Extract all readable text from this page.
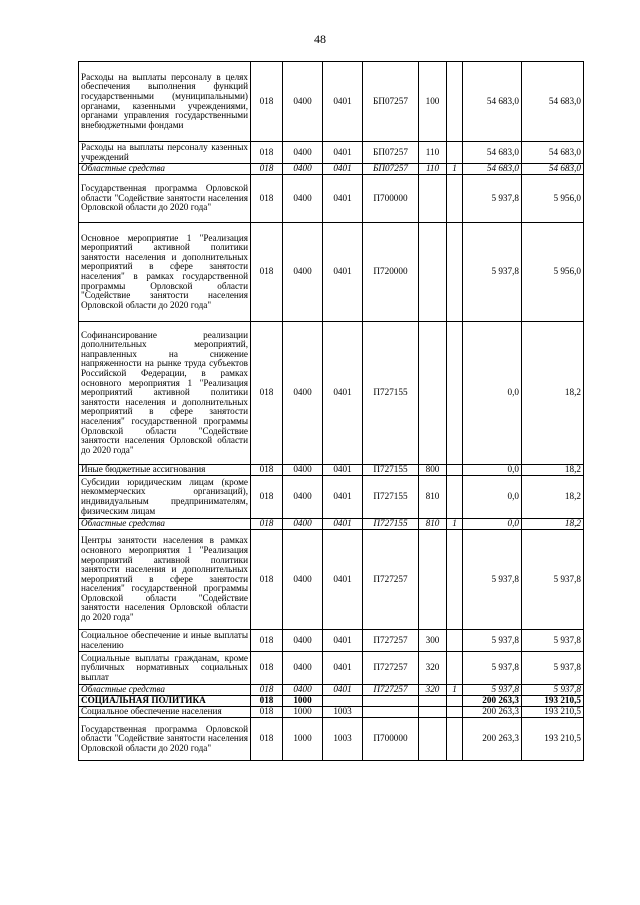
48
Расходы на выплаты персоналу в целях обеспечения выполнения функций государственными (муниципальными) органами, казенными учреждениями, органами управления государственными внебюджетными фондами	018	0400	0401	БП07257	100		54 683,0	54 683,0
Расходы на выплаты персоналу казенных учреждений	018	0400	0401	БП07257	110		54 683,0	54 683,0
Областные средства	018	0400	0401	БП07257	110	1	54 683,0	54 683,0
Государственная программа Орловской области "Содействие занятости населения Орловской области до 2020 года"	018	0400	0401	П700000			5 937,8	5 956,0
Основное мероприятие 1 "Реализация мероприятий активной политики занятости населения и дополнительных мероприятий в сфере занятости населения" в рамках государственной программы Орловской области "Содействие занятости населения Орловской области до 2020 года"	018	0400	0401	П720000			5 937,8	5 956,0
Софинансирование реализации дополнительных мероприятий, направленных на снижение напряженности на рынке труда субъектов Российской Федерации, в рамках основного мероприятия 1 "Реализация мероприятий активной политики занятости населения и дополнительных мероприятий в сфере занятости населения" государственной программы Орловской области "Содействие занятости населения Орловской области до 2020 года"	018	0400	0401	П727155			0,0	18,2
Иные бюджетные ассигнования	018	0400	0401	П727155	800		0,0	18,2
Субсидии юридическим лицам (кроме некоммерческих организаций), индивидуальным предпринимателям, физическим лицам	018	0400	0401	П727155	810		0,0	18,2
Областные средства	018	0400	0401	П727155	810	1	0,0	18,2
Центры занятости населения в рамках основного мероприятия 1 "Реализация мероприятий активной политики занятости населения и дополнительных мероприятий в сфере занятости населения" государственной программы Орловской области "Содействие занятости населения Орловской области до 2020 года"	018	0400	0401	П727257			5 937,8	5 937,8
Социальное обеспечение и иные выплаты населению	018	0400	0401	П727257	300		5 937,8	5 937,8
Социальные выплаты гражданам, кроме публичных нормативных социальных выплат	018	0400	0401	П727257	320		5 937,8	5 937,8
Областные средства	018	0400	0401	П727257	320	1	5 937,8	5 937,8
СОЦИАЛЬНАЯ ПОЛИТИКА	018	1000					200 263,3	193 210,5
Социальное обеспечение населения	018	1000	1003				200 263,3	193 210,5
Государственная программа Орловской области "Содействие занятости населения Орловской области до 2020 года"	018	1000	1003	П700000			200 263,3	193 210,5
